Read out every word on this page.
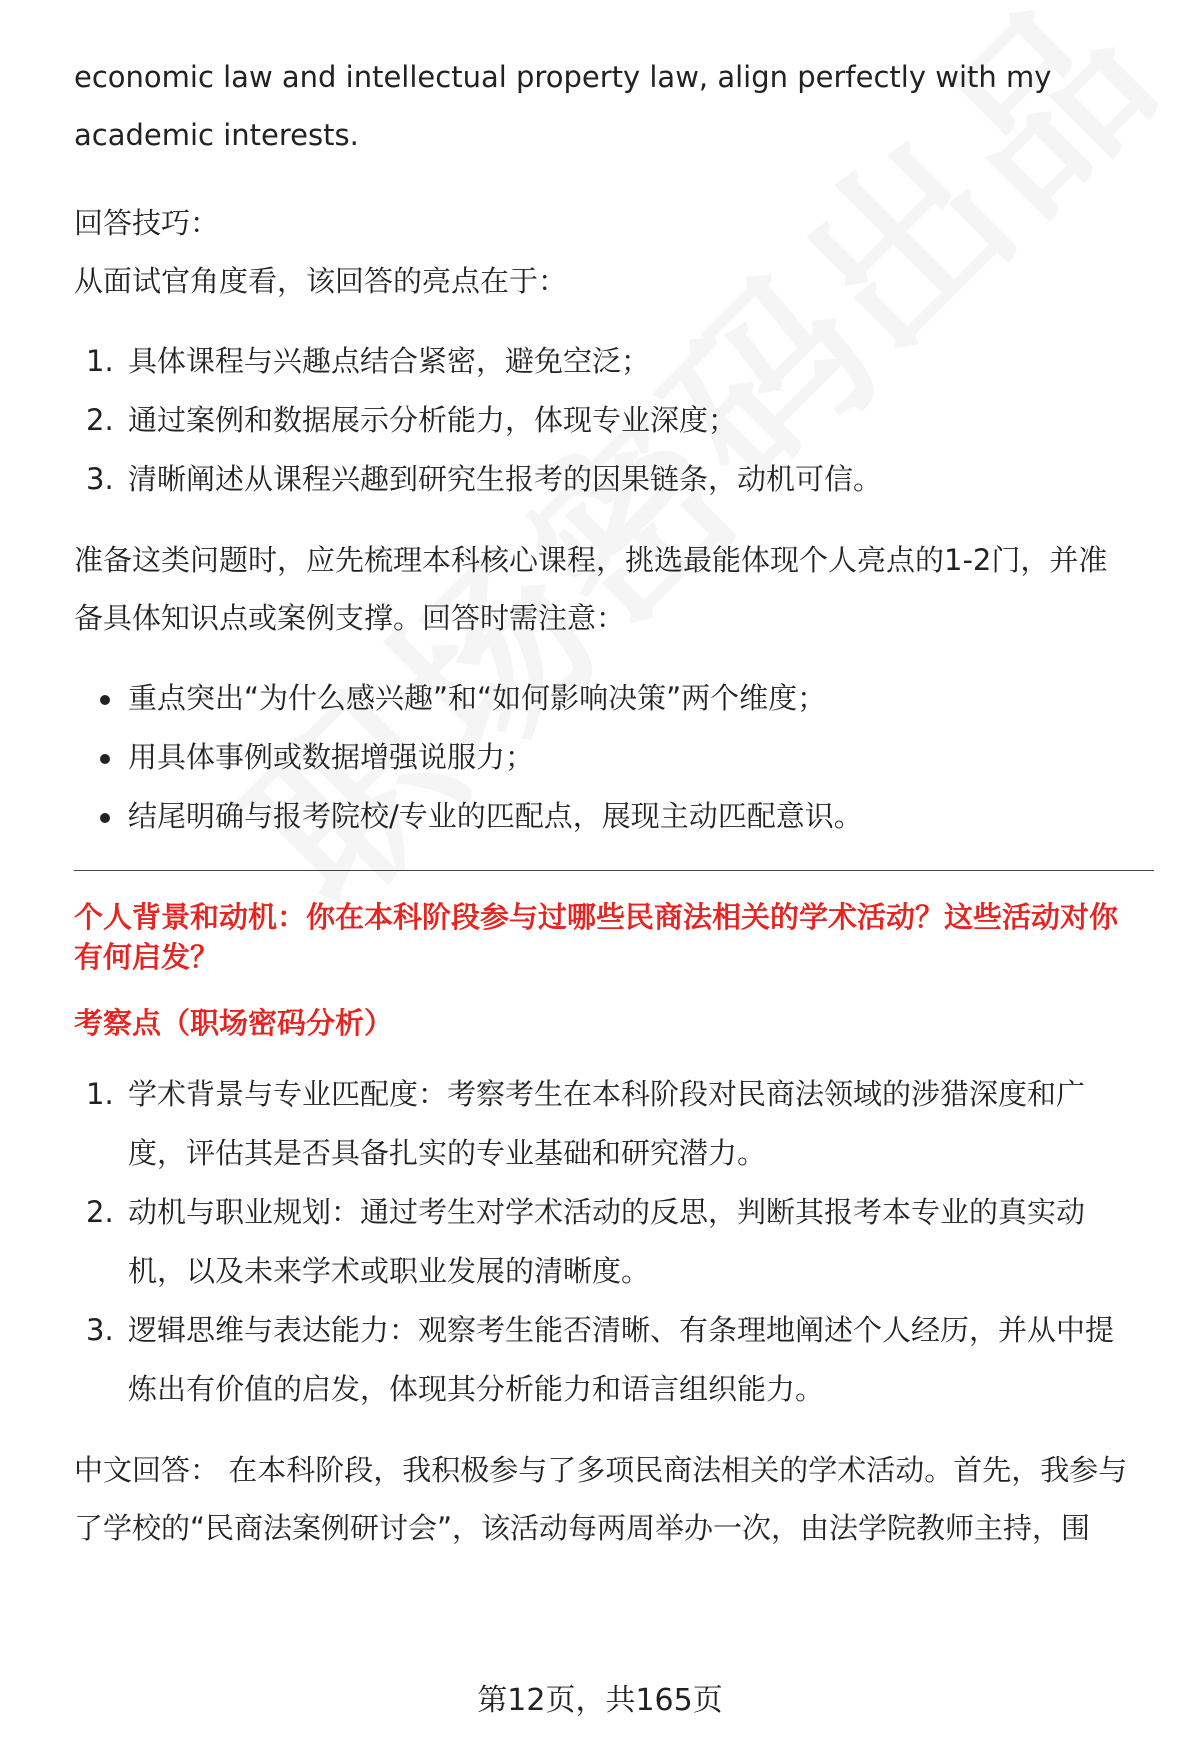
economic law and intellectual property law, align perfectly with my

academic interests.

回答技巧：

从面试官角度看，该回答的亮点在于：

1. 具体课程与兴趣点结合紧密，避免空泛；
2. 通过案例和数据展示分析能力，体现专业深度；
3. 清晰阐述从课程兴趣到研究生报考的因果链条，动机可信。

准备这类问题时，应先梳理本科核心课程，挑选最能体现个人亮点的1-2门，并准

备具体知识点或案例支撑。回答时需注意：

重点突出“为什么感兴趣”和“如何影响决策”两个维度；
用具体事例或数据增强说服力；
结尾明确与报考院校/专业的匹配点，展现主动匹配意识。

个人背景和动机：你在本科阶段参与过哪些民商法相关的学术活动？这些活动对你

有何启发？

考察点（职场密码分析）

1. 学术背景与专业匹配度：考察考生在本科阶段对民商法领域的涉猎深度和广
度，评估其是否具备扎实的专业基础和研究潜力。
2. 动机与职业规划：通过考生对学术活动的反思，判断其报考本专业的真实动
机，以及未来学术或职业发展的清晰度。
3. 逻辑思维与表达能力：观察考生能否清晰、有条理地阐述个人经历，并从中提
炼出有价值的启发，体现其分析能力和语言组织能力。

中文回答： 在本科阶段，我积极参与了多项民商法相关的学术活动。首先，我参与

了学校的“民商法案例研讨会”，该活动每两周举办一次，由法学院教师主持，围

第12页，共165页
